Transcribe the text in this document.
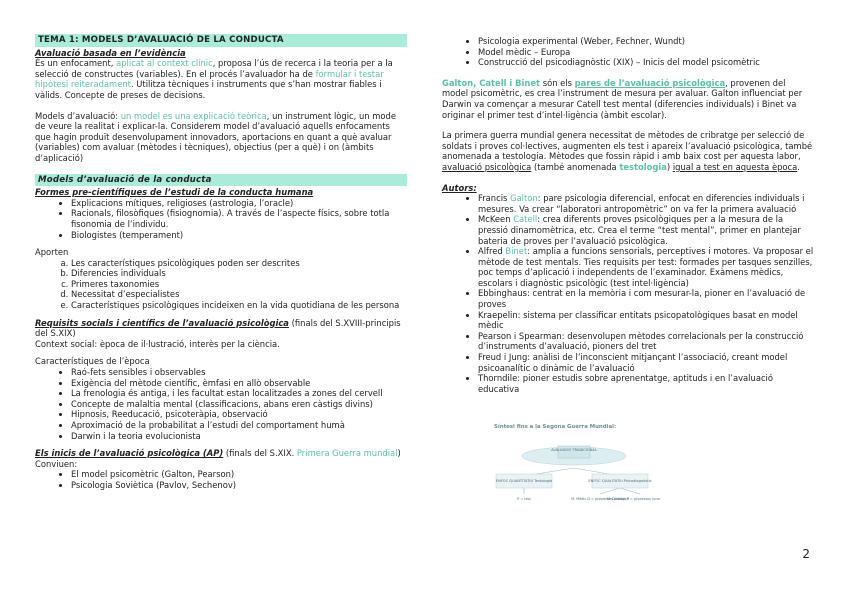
TEMA 1: MODELS D’AVALUACIÓ DE LA CONDUCTA

Avaluació basada en l’evidència

És un enfocament, aplicat al context clínic, proposa l’ús de recerca i la teoria per a la selecció de constructes (variables). En el procés l’avaluador ha de formular i testar hipòtesi reiteradament. Utilitza tècniques i instruments que s’han mostrar fiables i vàlids. Concepte de preses de decisions.

Models d’avaluació: un model es una explicació teòrica, un instrument lògic, un mode de veure la realitat i explicar-la. Considerem model d’avaluació aquells enfocaments que hagin produït desenvolupament innovadors, aportacions en quant a què avaluar (variables) com avaluar (mètodes i tècniques), objectius (per a què) i on (àmbits d’aplicació)

Models d’avaluació de la conducta

Formes pre-científiques de l’estudi de la conducta humana

• Explicacions mítiques, religioses (astrologia, l’oracle)
• Racionals, filosòfiques (fisiognomia). A través de l’aspecte físics, sobre totla fisonomia de l’individu.
• Biologistes (temperament)

Aporten

a. Les característiques psicològiques poden ser descrites
b. Diferencies individuals
c. Primeres taxonomies
d. Necessitat d’especialistes
e. Característiques psicològiques incideixen en la vida quotidiana de les persona

Requisits socials i científics de l’avaluació psicològica (finals del S.XVIII-principis del S.XIX)

Context social: època de il·lustració, interès per la ciència.

Característiques de l’època

• Raó-fets sensibles i observables
• Exigència del mètode científic, èmfasi en allò observable
• La frenologia és antiga, i les facultat estan localitzades a zones del cervell
• Concepte de malaltia mental (classificacions, abans eren càstigs divins)
• Hipnosis, Reeducació, psicoteràpia, observació
• Aproximació de la probabilitat a l’estudi del comportament humà
• Darwin i la teoria evolucionista

Els inicis de l’avaluació psicològica (AP) (finals del S.XIX. Primera Guerra mundial)

Conviuen:

• El model psicomètric (Galton, Pearson)
• Psicologia Soviètica (Pavlov, Sechenov)
• Psicologia experimental (Weber, Fechner, Wundt)
• Model mèdic – Europa
• Construcció del psicodiagnòstic (XIX) – Inicis del model psicomètric

Galton, Catell i Binet són els pares de l’avaluació psicològica, provenen del model psicomètric, es crea l’instrument de mesura per avaluar. Galton influenciat per Darwin va començar a mesurar Catell test mental (diferencies individuals) i Binet va originar el primer test d’intel·ligència (àmbit escolar).

La primera guerra mundial genera necessitat de mètodes de cribratge per selecció de soldats i proves col·lectives, augmenten els test i apareix l’avaluació psicològica, també anomenada a testologia. Mètodes que fossin ràpid i amb baix cost per aquesta labor, avaluació psicològica (també anomenada testologia) igual a test en aquesta època.

Autors:

• Francis Galton: pare psicologia diferencial, enfocat en diferencies individuals i mesures. Va crear “laboratori antropomètric” on va fer la primera avaluació
• McKeen Catell: crea diferents proves psicològiques per a la mesura de la pressió dinamomètrica, etc. Crea el terme “test mental”, primer en plantejar bateria de proves per l’avaluació psicològica.
• Alfred Binet: amplia a funcions sensorials, perceptives i motores. Va proposar el mètode de test mentals. Ties requisits per test: formades per tasques senzilles, poc temps d’aplicació i independents de l’examinador. Exàmens mèdics, escolars i diagnòstic psicològic (test intel·ligència)
• Ebbinghaus: centrat en la memòria i com mesurar-la, pioner en l’avaluació de proves
• Kraepelin: sistema per classificar entitats psicopatològiques basat en model mèdic
• Pearson i Spearman: desenvolupen mètodes correlacionals per la construcció d’instruments d’avaluació, pioners del tret
• Freud i Jung: anàlisi de l’inconscient mitjançant l’associació, creant model psicoanalític o dinàmic de l’avaluació
• Thorndile: pioner estudis sobre aprenentatge, aptituds i en l’avaluació educativa
Síntesi fins a la Segona Guerra Mundial:
AVALUACIÓ TRADICIONAL
ENFOC QUANTITATIU Testologia	ENFOC QUALITATIU Psicodiagnòstic
P = test	M. Mèdic D = problemes biològics
M. Dinàmic P = processos inco
2
